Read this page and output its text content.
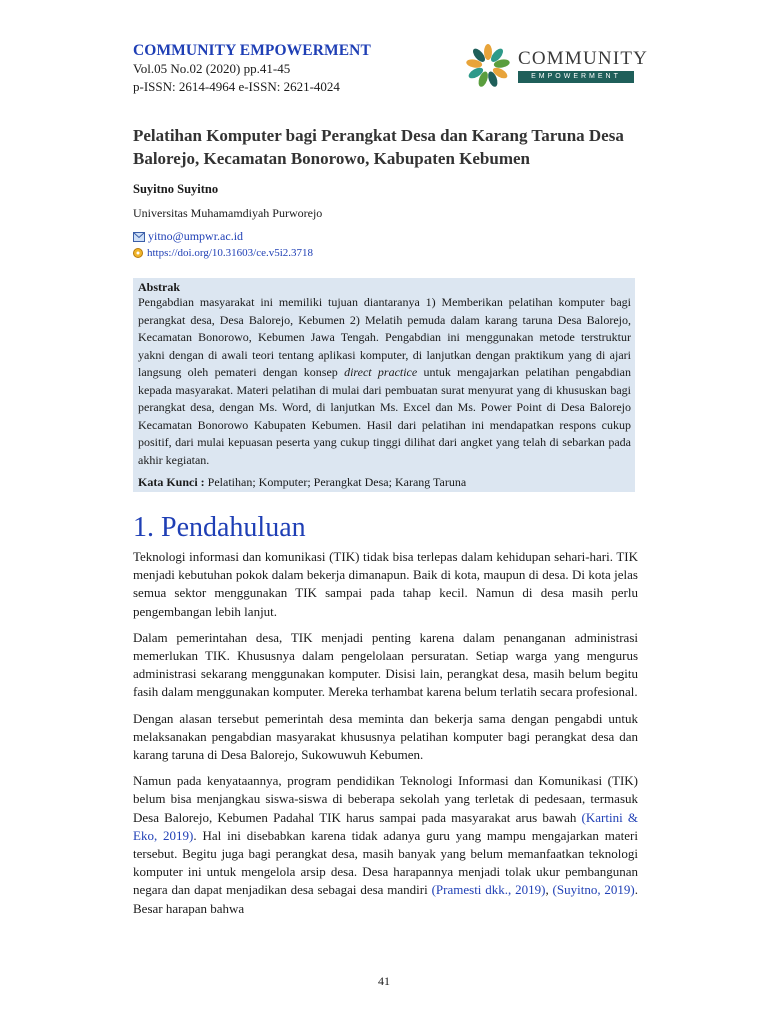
COMMUNITY EMPOWERMENT
Vol.05 No.02 (2020) pp.41-45
p-ISSN: 2614-4964 e-ISSN: 2621-4024
COMMUNITY
EMPOWERMENT
Pelatihan Komputer bagi Perangkat Desa dan Karang Taruna Desa Balorejo, Kecamatan Bonorowo, Kabupaten Kebumen
Suyitno Suyitno
Universitas Muhamamdiyah Purworejo
yitno@umpwr.ac.id
https://doi.org/10.31603/ce.v5i2.3718
Abstrak

Pengabdian masyarakat ini memiliki tujuan diantaranya 1) Memberikan pelatihan komputer bagi perangkat desa, Desa Balorejo, Kebumen 2) Melatih pemuda dalam karang taruna Desa Balorejo, Kecamatan Bonorowo, Kebumen Jawa Tengah. Pengabdian ini menggunakan metode terstruktur yakni dengan di awali teori tentang aplikasi komputer, di lanjutkan dengan praktikum yang di ajari langsung oleh pemateri dengan konsep direct practice untuk mengajarkan pelatihan pengabdian kepada masyarakat. Materi pelatihan di mulai dari pembuatan surat menyurat yang di khususkan bagi perangkat desa, dengan Ms. Word, di lanjutkan Ms. Excel dan Ms. Power Point di Desa Balorejo Kecamatan Bonorowo Kabupaten Kebumen. Hasil dari pelatihan ini mendapatkan respons cukup positif, dari mulai kepuasan peserta yang cukup tinggi dilihat dari angket yang telah di sebarkan pada akhir kegiatan.

Kata Kunci : Pelatihan; Komputer; Perangkat Desa; Karang Taruna
1. Pendahuluan

Teknologi informasi dan komunikasi (TIK) tidak bisa terlepas dalam kehidupan sehari-hari. TIK menjadi kebutuhan pokok dalam bekerja dimanapun. Baik di kota, maupun di desa. Di kota jelas semua sektor menggunakan TIK sampai pada tahap kecil. Namun di desa masih perlu pengembangan lebih lanjut.

Dalam pemerintahan desa, TIK menjadi penting karena dalam penanganan administrasi memerlukan TIK. Khususnya dalam pengelolaan persuratan. Setiap warga yang mengurus administrasi sekarang menggunakan komputer. Disisi lain, perangkat desa, masih belum begitu fasih dalam menggunakan komputer. Mereka terhambat karena belum terlatih secara profesional.

Dengan alasan tersebut pemerintah desa meminta dan bekerja sama dengan pengabdi untuk melaksanakan pengabdian masyarakat khususnya pelatihan komputer bagi perangkat desa dan karang taruna di Desa Balorejo, Sukowuwuh Kebumen.

Namun pada kenyataannya, program pendidikan Teknologi Informasi dan Komunikasi (TIK) belum bisa menjangkau siswa-siswa di beberapa sekolah yang terletak di pedesaan, termasuk Desa Balorejo, Kebumen Padahal TIK harus sampai pada masyarakat arus bawah (Kartini & Eko, 2019). Hal ini disebabkan karena tidak adanya guru yang mampu mengajarkan materi tersebut. Begitu juga bagi perangkat desa, masih banyak yang belum memanfaatkan teknologi komputer ini untuk mengelola arsip desa. Desa harapannya menjadi tolak ukur pembangunan negara dan dapat menjadikan desa sebagai desa mandiri (Pramesti dkk., 2019), (Suyitno, 2019). Besar harapan bahwa

41
